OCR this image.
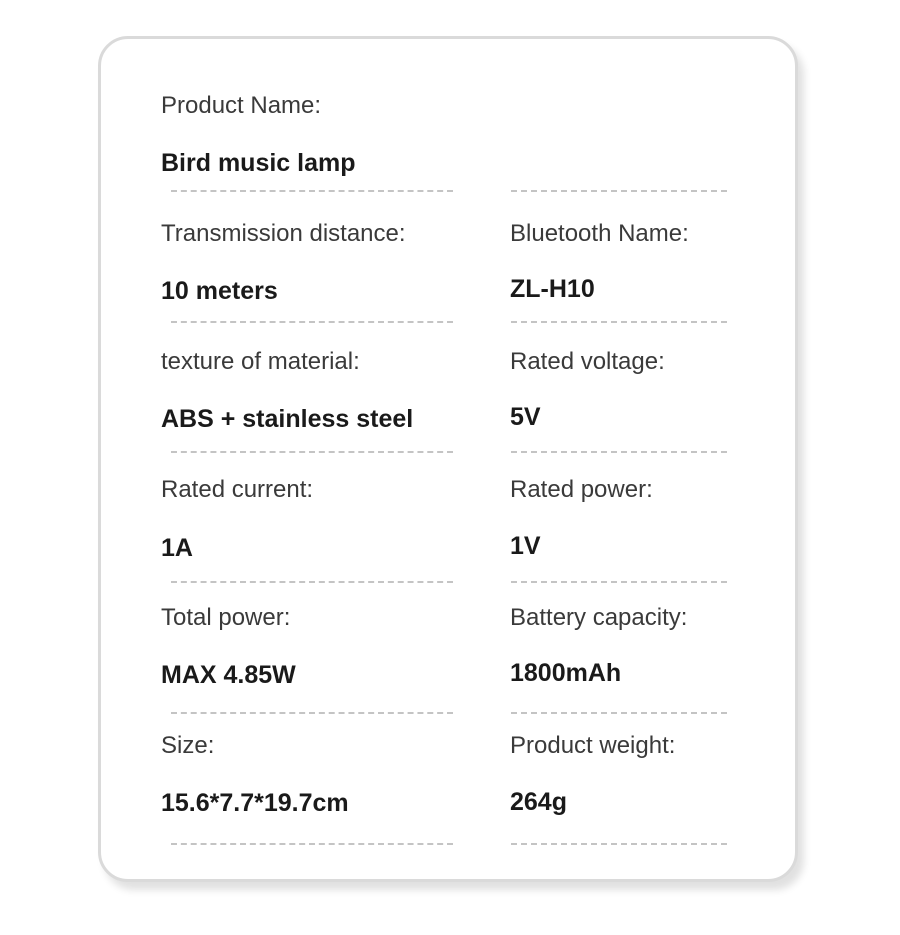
Product Name:
Bird music lamp
Transmission distance:
10 meters
Bluetooth Name:
ZL-H10
texture of material:
ABS + stainless steel
Rated voltage:
5V
Rated current:
1A
Rated power:
1V
Total power:
MAX 4.85W
Battery capacity:
1800mAh
Size:
15.6*7.7*19.7cm
Product weight:
264g
